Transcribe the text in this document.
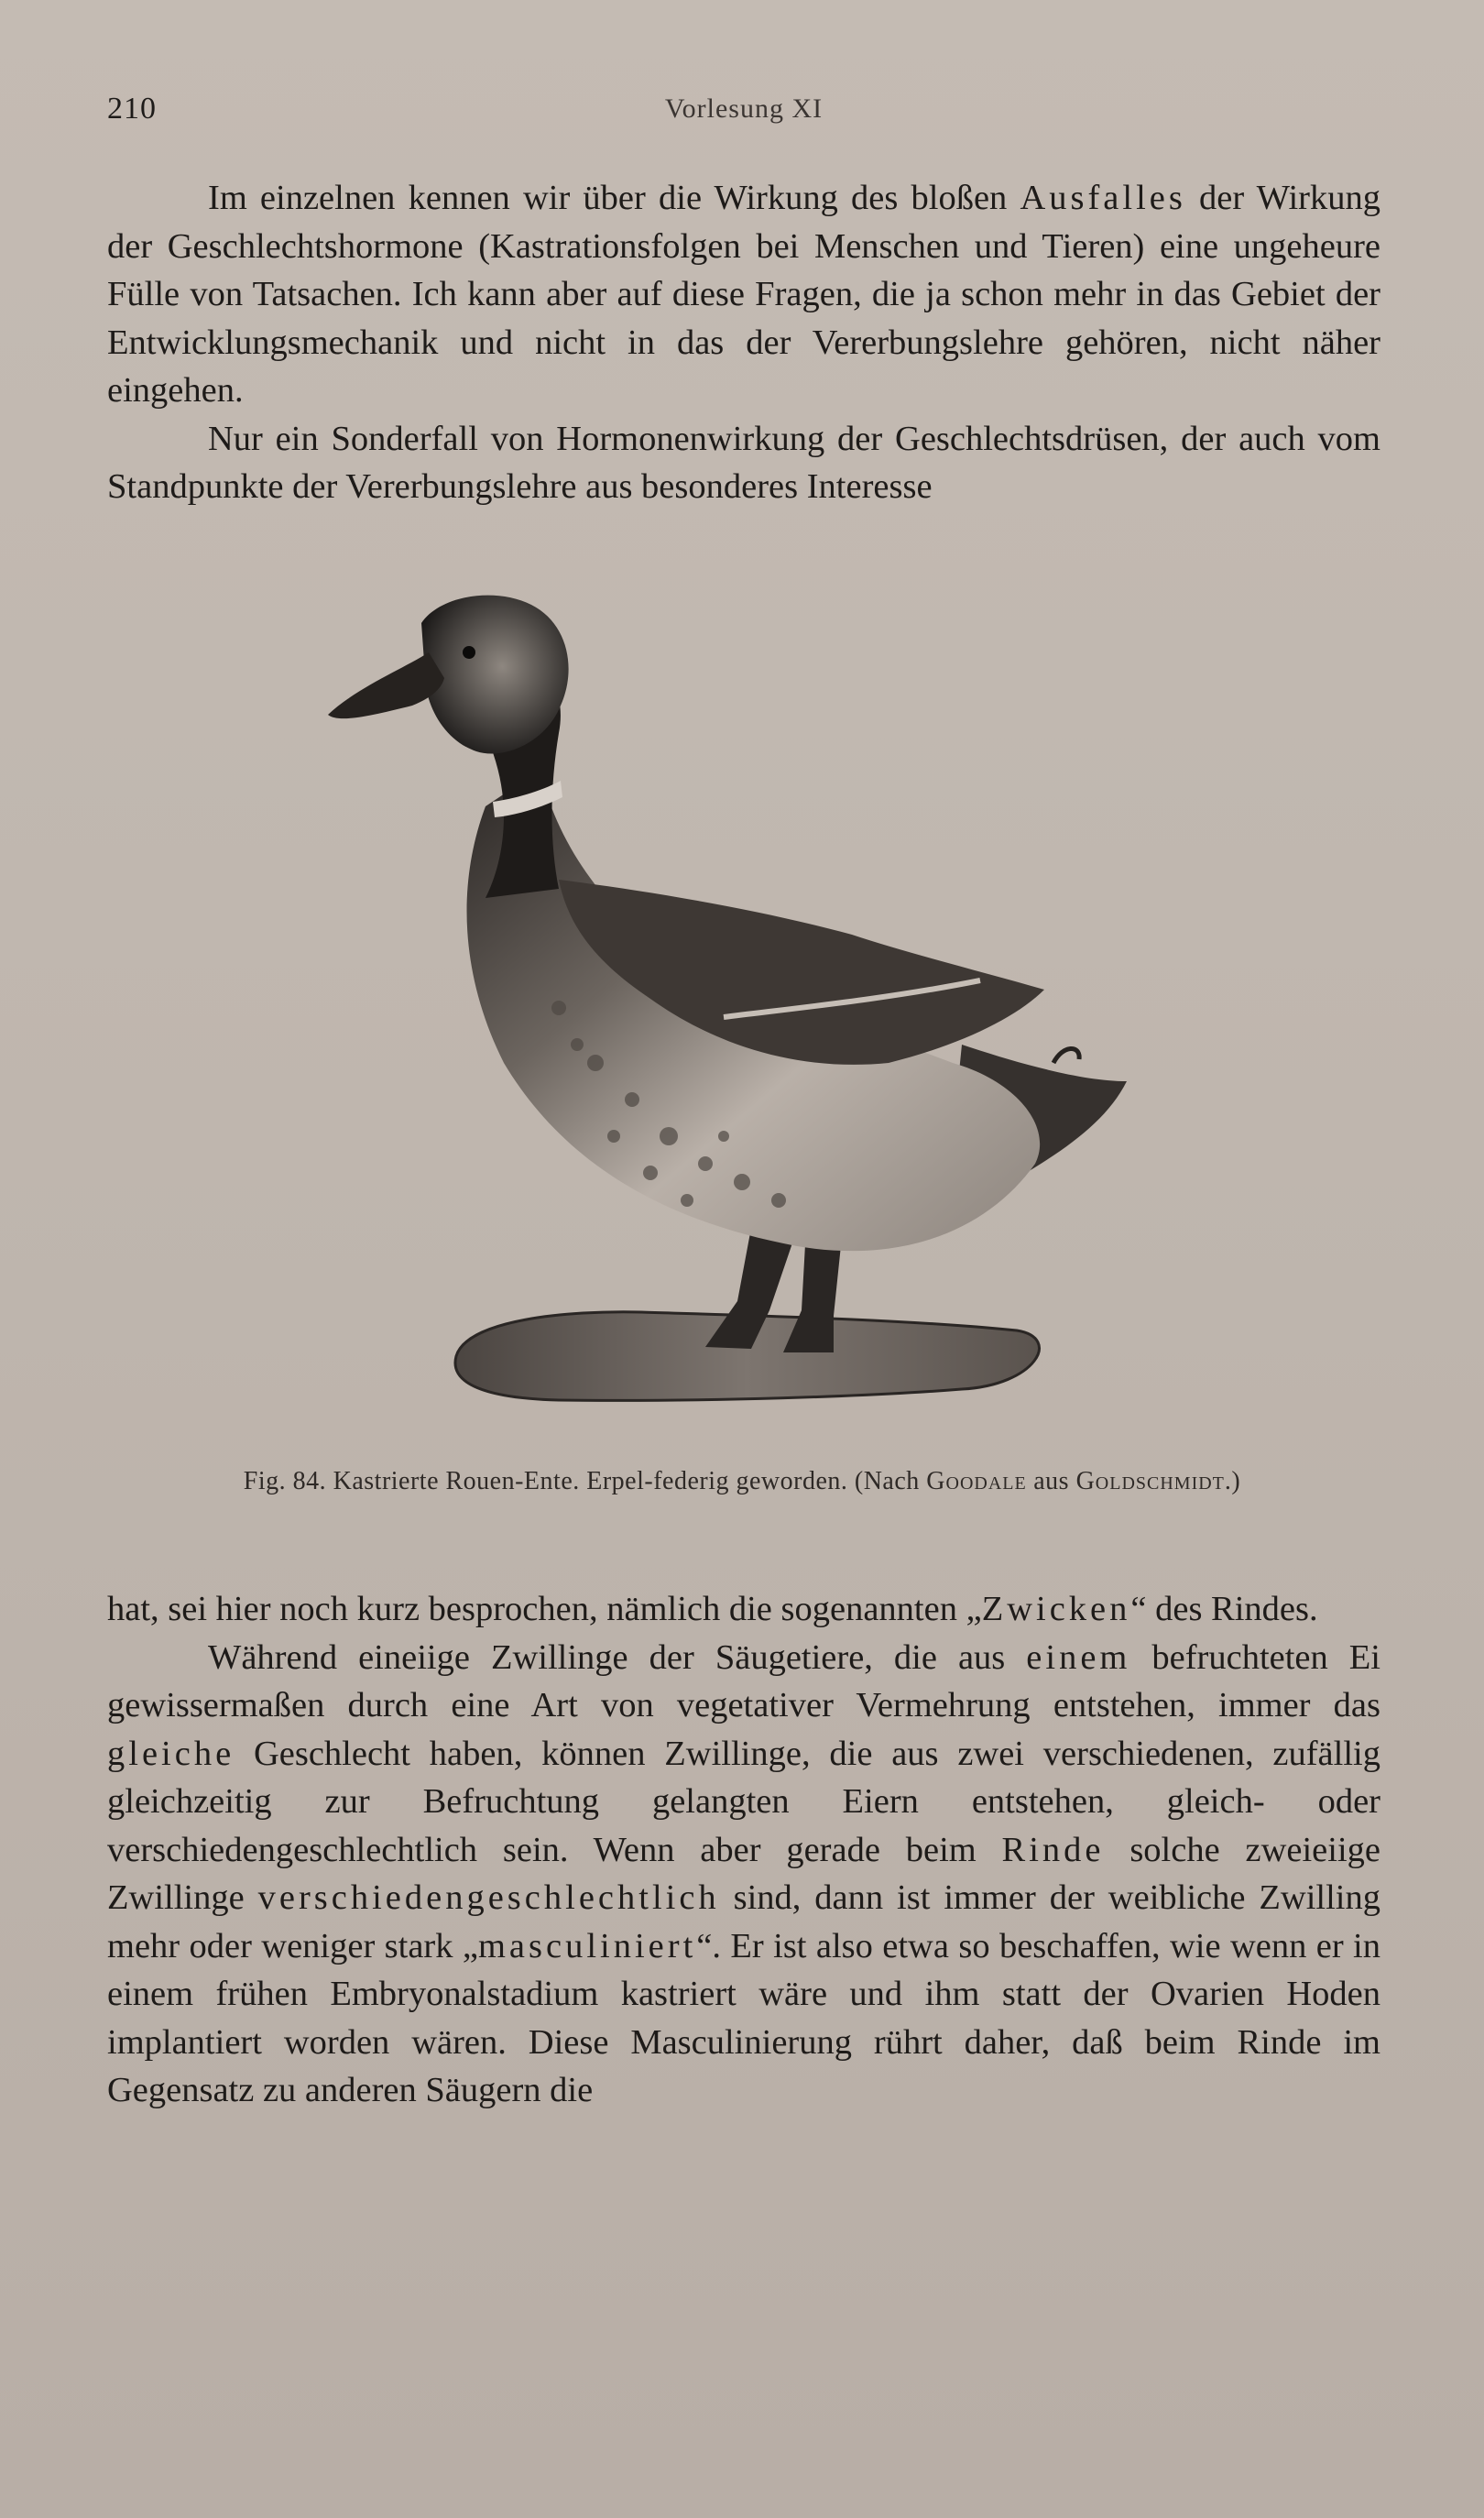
210	Vorlesung XI

Im einzelnen kennen wir über die Wirkung des bloßen Ausfalles der Wirkung der Geschlechtshormone (Kastrationsfolgen bei Menschen und Tieren) eine ungeheure Fülle von Tatsachen. Ich kann aber auf diese Fragen, die ja schon mehr in das Gebiet der Entwicklungsmechanik und nicht in das der Vererbungslehre gehören, nicht näher eingehen.

Nur ein Sonderfall von Hormonenwirkung der Geschlechtsdrüsen, der auch vom Standpunkte der Vererbungslehre aus besonderes Interesse

Fig. 84. Kastrierte Rouen-Ente. Erpel-federig geworden. (Nach Goodale aus Goldschmidt.)

hat, sei hier noch kurz besprochen, nämlich die sogenannten „Zwicken“ des Rindes.

Während eineiige Zwillinge der Säugetiere, die aus einem befruchteten Ei gewissermaßen durch eine Art von vegetativer Vermehrung entstehen, immer das gleiche Geschlecht haben, können Zwillinge, die aus zwei verschiedenen, zufällig gleichzeitig zur Befruchtung gelangten Eiern entstehen, gleich- oder verschiedengeschlechtlich sein. Wenn aber gerade beim Rinde solche zweieiige Zwillinge verschiedengeschlechtlich sind, dann ist immer der weibliche Zwilling mehr oder weniger stark „masculiniert“. Er ist also etwa so beschaffen, wie wenn er in einem frühen Embryonalstadium kastriert wäre und ihm statt der Ovarien Hoden implantiert worden wären. Diese Masculinierung rührt daher, daß beim Rinde im Gegensatz zu anderen Säugern die
